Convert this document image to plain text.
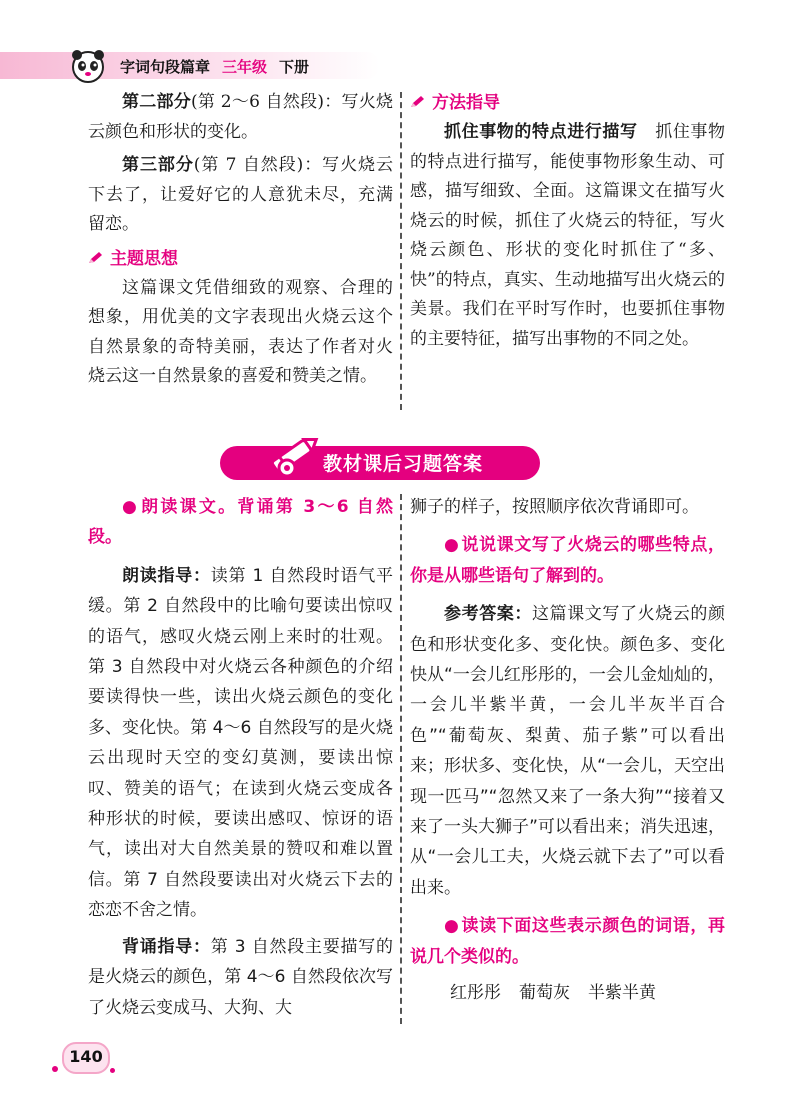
字词句段篇章 三年级 下册

第二部分(第 2～6 自然段)：写火烧云颜色和形状的变化。

第三部分(第 7 自然段)：写火烧云下去了，让爱好它的人意犹未尽，充满留恋。

主题思想

这篇课文凭借细致的观察、合理的想象，用优美的文字表现出火烧云这个自然景象的奇特美丽，表达了作者对火烧云这一自然景象的喜爱和赞美之情。

方法指导

抓住事物的特点进行描写　 抓住事物的特点进行描写，能使事物形象生动、可感，描写细致、全面。这篇课文在描写火烧云的时候，抓住了火烧云的特征，写火烧云颜色、形状的变化时抓住了“多、快”的特点，真实、生动地描写出火烧云的美景。我们在平时写作时，也要抓住事物的主要特征，描写出事物的不同之处。

教材课后习题答案

● 朗读课文。背诵第 3～6 自然段。

朗读指导：读第 1 自然段时语气平缓。第 2 自然段中的比喻句要读出惊叹的语气，感叹火烧云刚上来时的壮观。第 3 自然段中对火烧云各种颜色的介绍要读得快一些，读出火烧云颜色的变化多、变化快。第 4～6 自然段写的是火烧云出现时天空的变幻莫测，要读出惊叹、赞美的语气；在读到火烧云变成各种形状的时候，要读出感叹、惊讶的语气，读出对大自然美景的赞叹和难以置信。第 7 自然段要读出对火烧云下去的恋恋不舍之情。

背诵指导：第 3 自然段主要描写的是火烧云的颜色，第 4～6 自然段依次写了火烧云变成马、大狗、大

狮子的样子，按照顺序依次背诵即可。

● 说说课文写了火烧云的哪些特点，你是从哪些语句了解到的。

参考答案：这篇课文写了火烧云的颜色和形状变化多、变化快。颜色多、变化快从“一会儿红彤彤的，一会儿金灿灿的，一会儿半紫半黄，一会儿半灰半百合色”“葡萄灰、梨黄、茄子紫”可以看出来；形状多、变化快，从“一会儿，天空出现一匹马”“忽然又来了一条大狗”“接着又来了一头大狮子”可以看出来；消失迅速，从“一会儿工夫，火烧云就下去了”可以看出来。

● 读读下面这些表示颜色的词语，再说几个类似的。

红彤彤 葡萄灰 半紫半黄

140
